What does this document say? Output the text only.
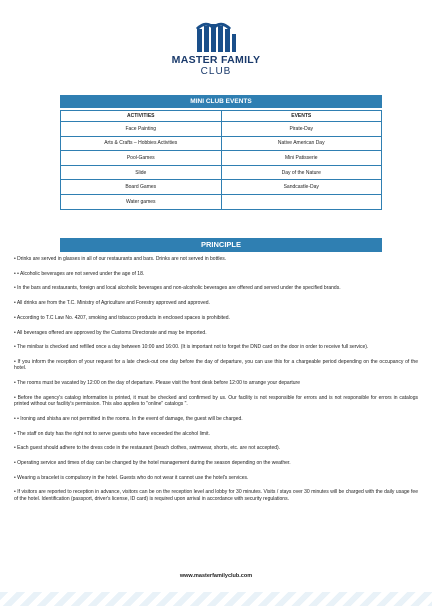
MASTER FAMILY
CLUB
MINI CLUB EVENTS
ACTIVITIES	EVENTS
Face Painting	Pirate-Day
Arts & Crafts – Hobbies Activities	Native American Day
Pool-Games	Mini Patisserie
Slide	Day of the Nature
Board Games	Sandcastle-Day
Water games	
PRINCIPLE

• Drinks are served in glasses in all of our restaurants and bars. Drinks are not served in bottles.

• • Alcoholic beverages are not served under the age of 18.

• In the bars and restaurants, foreign and local alcoholic beverages and non-alcoholic beverages are offered and served under the specified brands.

• All drinks are from the T.C. Ministry of Agriculture and Forestry approved and approved.

• According to T.C Law No. 4207, smoking and tobacco products in enclosed spaces is prohibited.

• All beverages offered are approved by the Customs Directorate and may be imported.

• The minibar is checked and refilled once a day between 10:00 and 16:00. (It is important not to forget the DND card on the door in order to receive full service).

• If you inform the reception of your request for a late check-out one day before the day of departure, you can use this for a chargeable period depending on the occupancy of the hotel.

• The rooms must be vacated by 12:00 on the day of departure. Please visit the front desk before 12:00 to arrange your departure

• Before the agency's catalog information is printed, it must be checked and confirmed by us. Our facility is not responsible for errors and is not responsible for errors in catalogs printed without our facility's permission. This also applies to "online" catalogs ".

• • Ironing and shisha are not permitted in the rooms. In the event of damage, the guest will be charged.

• The staff on duty has the right not to serve guests who have exceeded the alcohol limit.

• Each guest should adhere to the dress code in the restaurant (beach clothes, swimwear, shorts, etc. are not accepted).

• Operating service and times of day can be changed by the hotel management during the season depending on the weather.

• Wearing a bracelet is compulsory in the hotel. Guests who do not wear it cannot use the hotel's services.

• If visitors are reported to reception in advance, visitors can be on the reception level and lobby for 30 minutes. Visits / stays over 30 minutes will be charged with the daily usage fee of the hotel. Identification (passport, driver's license, ID card) is required upon arrival in accordance with security regulations.

www.masterfamilyclub.com
